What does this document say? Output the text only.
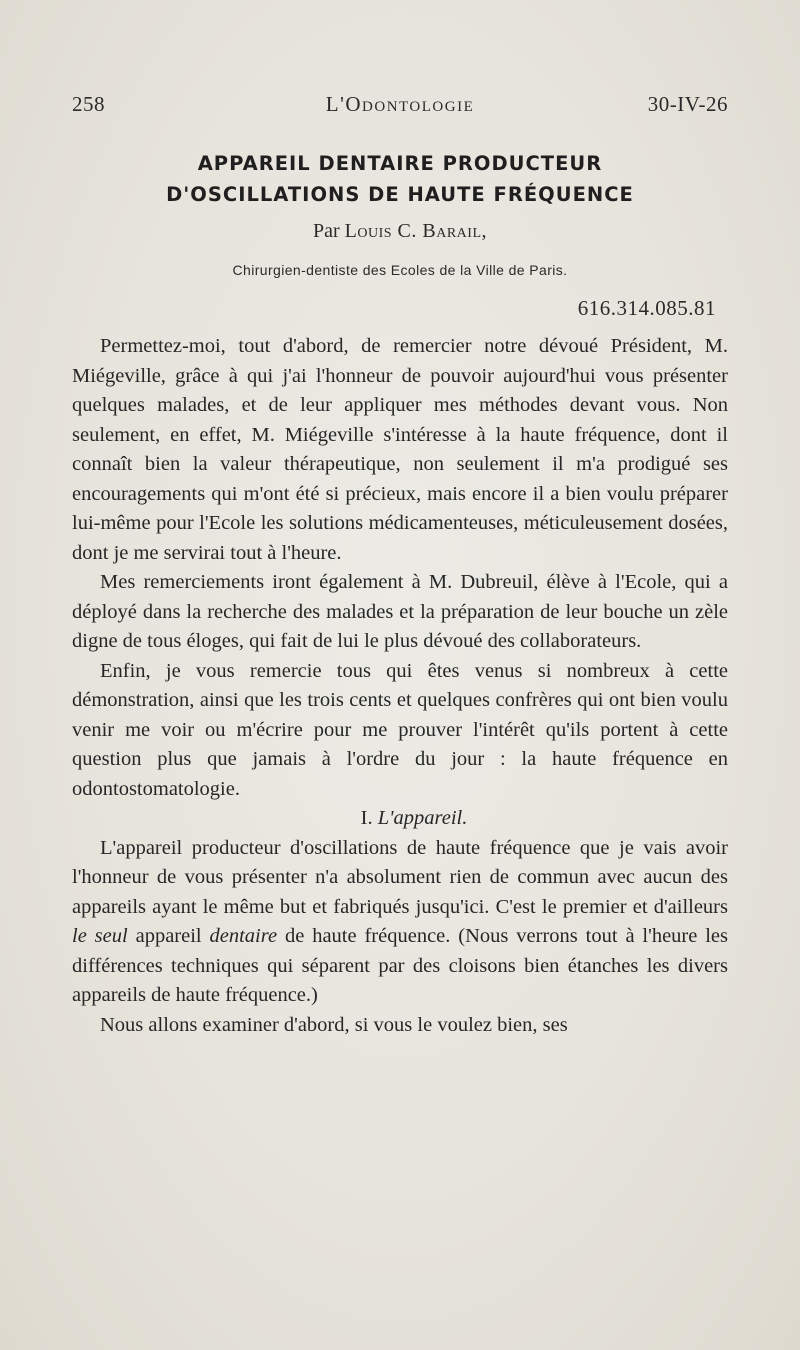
258	L'Odontologie	30-IV-26
APPAREIL DENTAIRE PRODUCTEUR
D'OSCILLATIONS DE HAUTE FRÉQUENCE
Par Louis C. Barail,
Chirurgien-dentiste des Ecoles de la Ville de Paris.
616.314.085.81

Permettez-moi, tout d'abord, de remercier notre dévoué Président, M. Miégeville, grâce à qui j'ai l'honneur de pouvoir aujourd'hui vous présenter quelques malades, et de leur appliquer mes méthodes devant vous. Non seulement, en effet, M. Miégeville s'intéresse à la haute fréquence, dont il connaît bien la valeur thérapeutique, non seulement il m'a prodigué ses encouragements qui m'ont été si précieux, mais encore il a bien voulu préparer lui-même pour l'Ecole les solutions médicamenteuses, méticuleusement dosées, dont je me servirai tout à l'heure.

Mes remerciements iront également à M. Dubreuil, élève à l'Ecole, qui a déployé dans la recherche des malades et la préparation de leur bouche un zèle digne de tous éloges, qui fait de lui le plus dévoué des collaborateurs.

Enfin, je vous remercie tous qui êtes venus si nombreux à cette démonstration, ainsi que les trois cents et quelques confrères qui ont bien voulu venir me voir ou m'écrire pour me prouver l'intérêt qu'ils portent à cette question plus que jamais à l'ordre du jour : la haute fréquence en odontostomatologie.

I. L'appareil.

L'appareil producteur d'oscillations de haute fréquence que je vais avoir l'honneur de vous présenter n'a absolument rien de commun avec aucun des appareils ayant le même but et fabriqués jusqu'ici. C'est le premier et d'ailleurs le seul appareil dentaire de haute fréquence. (Nous verrons tout à l'heure les différences techniques qui séparent par des cloisons bien étanches les divers appareils de haute fréquence.)

Nous allons examiner d'abord, si vous le voulez bien, ses
